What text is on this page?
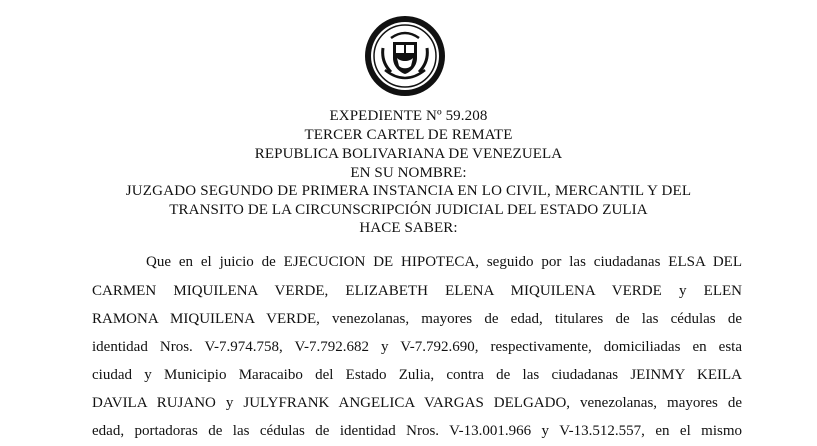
EXPEDIENTE Nº 59.208
TERCER CARTEL DE REMATE
REPUBLICA BOLIVARIANA DE VENEZUELA
EN SU NOMBRE:
JUZGADO SEGUNDO DE PRIMERA INSTANCIA EN LO CIVIL, MERCANTIL Y DEL
TRANSITO DE LA CIRCUNSCRIPCIÓN JUDICIAL DEL ESTADO ZULIA
HACE SABER:
Que en el juicio de EJECUCION DE HIPOTECA, seguido por las ciudadanas ELSA DEL
CARMEN MIQUILENA VERDE, ELIZABETH ELENA MIQUILENA VERDE y ELEN
RAMONA MIQUILENA VERDE, venezolanas, mayores de edad, titulares de las cédulas de
identidad Nros. V-7.974.758, V-7.792.682 y V-7.792.690, respectivamente, domiciliadas en esta
ciudad y Municipio Maracaibo del Estado Zulia, contra de las ciudadanas JEINMY KEILA
DAVILA RUJANO y JULYFRANK ANGELICA VARGAS DELGADO, venezolanas, mayores de
edad, portadoras de las cédulas de identidad Nros. V-13.001.966 y V-13.512.557, en el mismo
